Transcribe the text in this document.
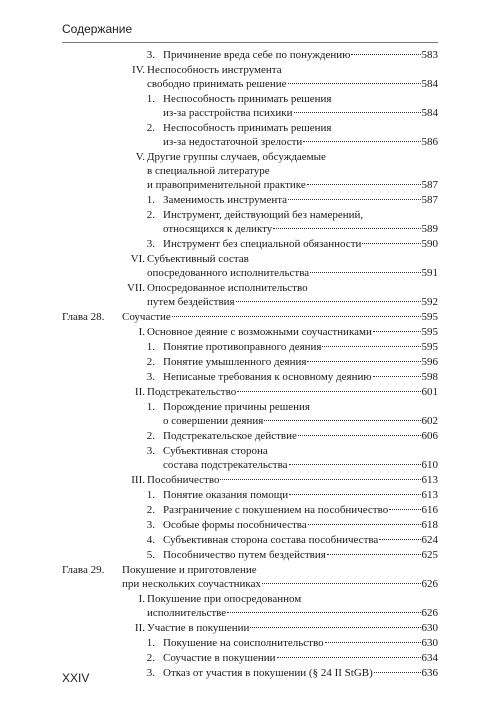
Содержание
3. Причинение вреда себе по понуждению	583
IV. Неспособность инструмента
свободно принимать решение	584
1. Неспособность принимать решения
из-за расстройства психики	584
2. Неспособность принимать решения
из-за недостаточной зрелости	586
V. Другие группы случаев, обсуждаемые
в специальной литературе
и правоприменительной практике	587
1. Заменимость инструмента	587
2. Инструмент, действующий без намерений,
относящихся к деликту	589
3. Инструмент без специальной обязанности	590
VI. Субъективный состав
опосредованного исполнительства	591
VII. Опосредованное исполнительство
путем бездействия	592
Глава 28. Соучастие	595
I. Основное деяние с возможными соучастниками	595
1. Понятие противоправного деяния	595
2. Понятие умышленного деяния	596
3. Неписаные требования к основному деянию	598
II. Подстрекательство	601
1. Порождение причины решения
о совершении деяния	602
2. Подстрекательское действие	606
3. Субъективная сторона
состава подстрекательства	610
III. Пособничество	613
1. Понятие оказания помощи	613
2. Разграничение с покушением на пособничество	616
3. Особые формы пособничества	618
4. Субъективная сторона состава пособничества	624
5. Пособничество путем бездействия	625
Глава 29. Покушение и приготовление
при нескольких соучастниках	626
I. Покушение при опосредованном
исполнительстве	626
II. Участие в покушении	630
1. Покушение на соисполнительство	630
2. Соучастие в покушении	634
3. Отказ от участия в покушении (§ 24 II StGB)	636
XXIV
